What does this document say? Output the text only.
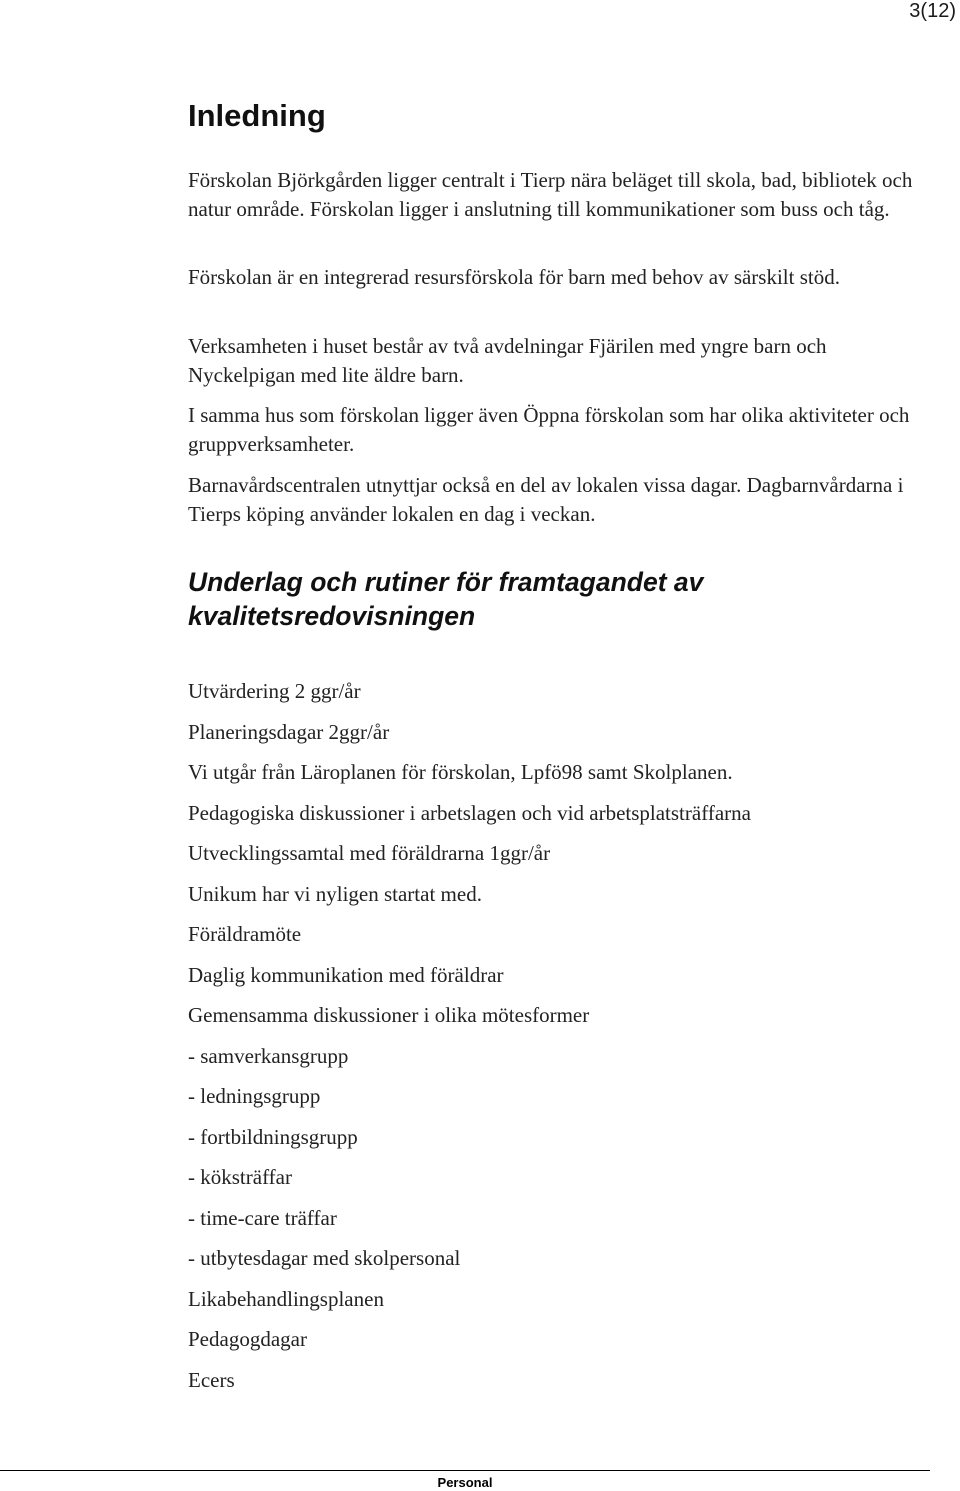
3(12)
Inledning

Förskolan Björkgården ligger centralt i Tierp nära beläget till skola, bad, bibliotek och natur område. Förskolan ligger i anslutning till kommunikationer som buss och tåg.

Förskolan är en integrerad resursförskola för barn med behov av särskilt stöd.

Verksamheten i huset består av två avdelningar Fjärilen med yngre barn och Nyckelpigan med lite äldre barn.

I samma hus som förskolan ligger även Öppna förskolan som har olika aktiviteter och gruppverksamheter.

Barnavårdscentralen utnyttjar också en del av lokalen vissa dagar. Dagbarnvårdarna i Tierps köping använder lokalen en dag i veckan.

Underlag och rutiner för framtagandet av kvalitetsredovisningen
Utvärdering 2 ggr/år
Planeringsdagar 2ggr/år
Vi utgår från Läroplanen för förskolan, Lpfö98 samt Skolplanen.
Pedagogiska diskussioner i arbetslagen och vid arbetsplatsträffarna
Utvecklingssamtal med föräldrarna 1ggr/år
Unikum har vi nyligen startat med.
Föräldramöte
Daglig kommunikation med föräldrar
Gemensamma diskussioner i olika mötesformer
- samverkansgrupp
- ledningsgrupp
- fortbildningsgrupp
- köksträffar
- time-care träffar
- utbytesdagar med skolpersonal
Likabehandlingsplanen
Pedagogdagar
Ecers
Personal
